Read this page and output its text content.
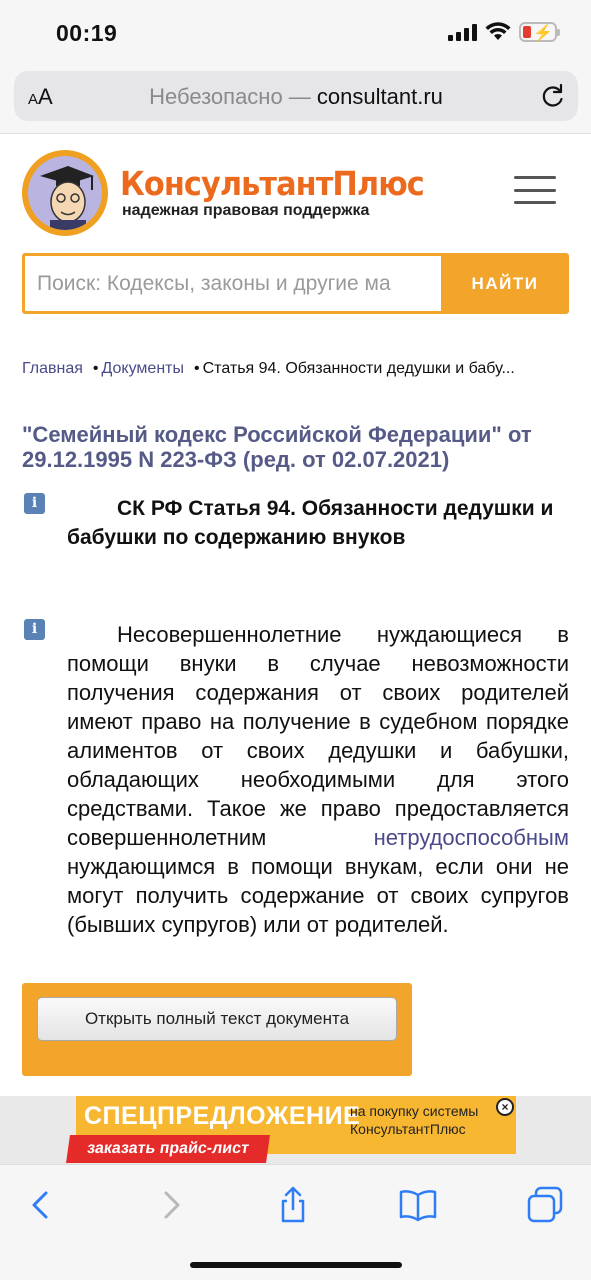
00:19	⚡
AA	Небезопасно — consultant.ru
КонсультантПлюс
надежная правовая поддержка
Поиск: Кодексы, законы и другие ма
НАЙТИ
Главная • Документы • Статья 94. Обязанности дедушки и бабу...
"Семейный кодекс Российской Федерации" от 29.12.1995 N 223-ФЗ (ред. от 02.07.2021)
i	СК РФ Статья 94. Обязанности дедушки и бабушки по содержанию внуков
i	Несовершеннолетние нуждающиеся в помощи внуки в случае невозможности получения содержания от своих родителей имеют право на получение в судебном порядке алиментов от своих дедушки и бабушки, обладающих необходимыми для этого средствами. Такое же право предоставляется совершеннолетним нетрудоспособным нуждающимся в помощи внукам, если они не могут получить содержание от своих супругов (бывших супругов) или от родителей.
Открыть полный текст документа
СПЕЦПРЕДЛОЖЕНИЕ
на покупку системы
КонсультантПлюс
заказать прайс-лист
×
